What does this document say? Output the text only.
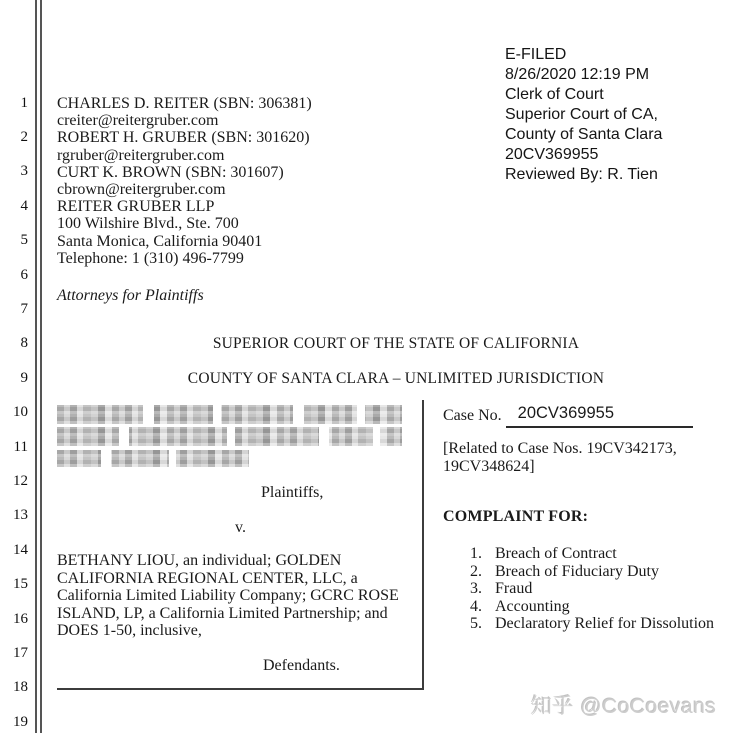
1
2
3
4
5
6
7
8
9
10
11
12
13
14
15
16
17
18
19
E-FILED
8/26/2020 12:19 PM
Clerk of Court
Superior Court of CA,
County of Santa Clara
20CV369955
Reviewed By: R. Tien
CHARLES D. REITER (SBN: 306381)
creiter@reitergruber.com
ROBERT H. GRUBER (SBN: 301620)
rgruber@reitergruber.com
CURT K. BROWN (SBN: 301607)
cbrown@reitergruber.com
REITER GRUBER LLP
100 Wilshire Blvd., Ste. 700
Santa Monica, California 90401
Telephone: 1 (310) 496-7799
Attorneys for Plaintiffs
SUPERIOR COURT OF THE STATE OF CALIFORNIA
COUNTY OF SANTA CLARA – UNLIMITED JURISDICTION
Plaintiffs,
v.
BETHANY LIOU, an individual; GOLDEN
CALIFORNIA REGIONAL CENTER, LLC, a
California Limited Liability Company; GCRC ROSE
ISLAND, LP, a California Limited Partnership; and
DOES 1-50, inclusive,
Defendants.
Case No. 20CV369955
[Related to Case Nos. 19CV342173,
19CV348624]
COMPLAINT FOR:
1. Breach of Contract
2. Breach of Fiduciary Duty
3. Fraud
4. Accounting
5. Declaratory Relief for Dissolution
知乎 @CoCoevans
